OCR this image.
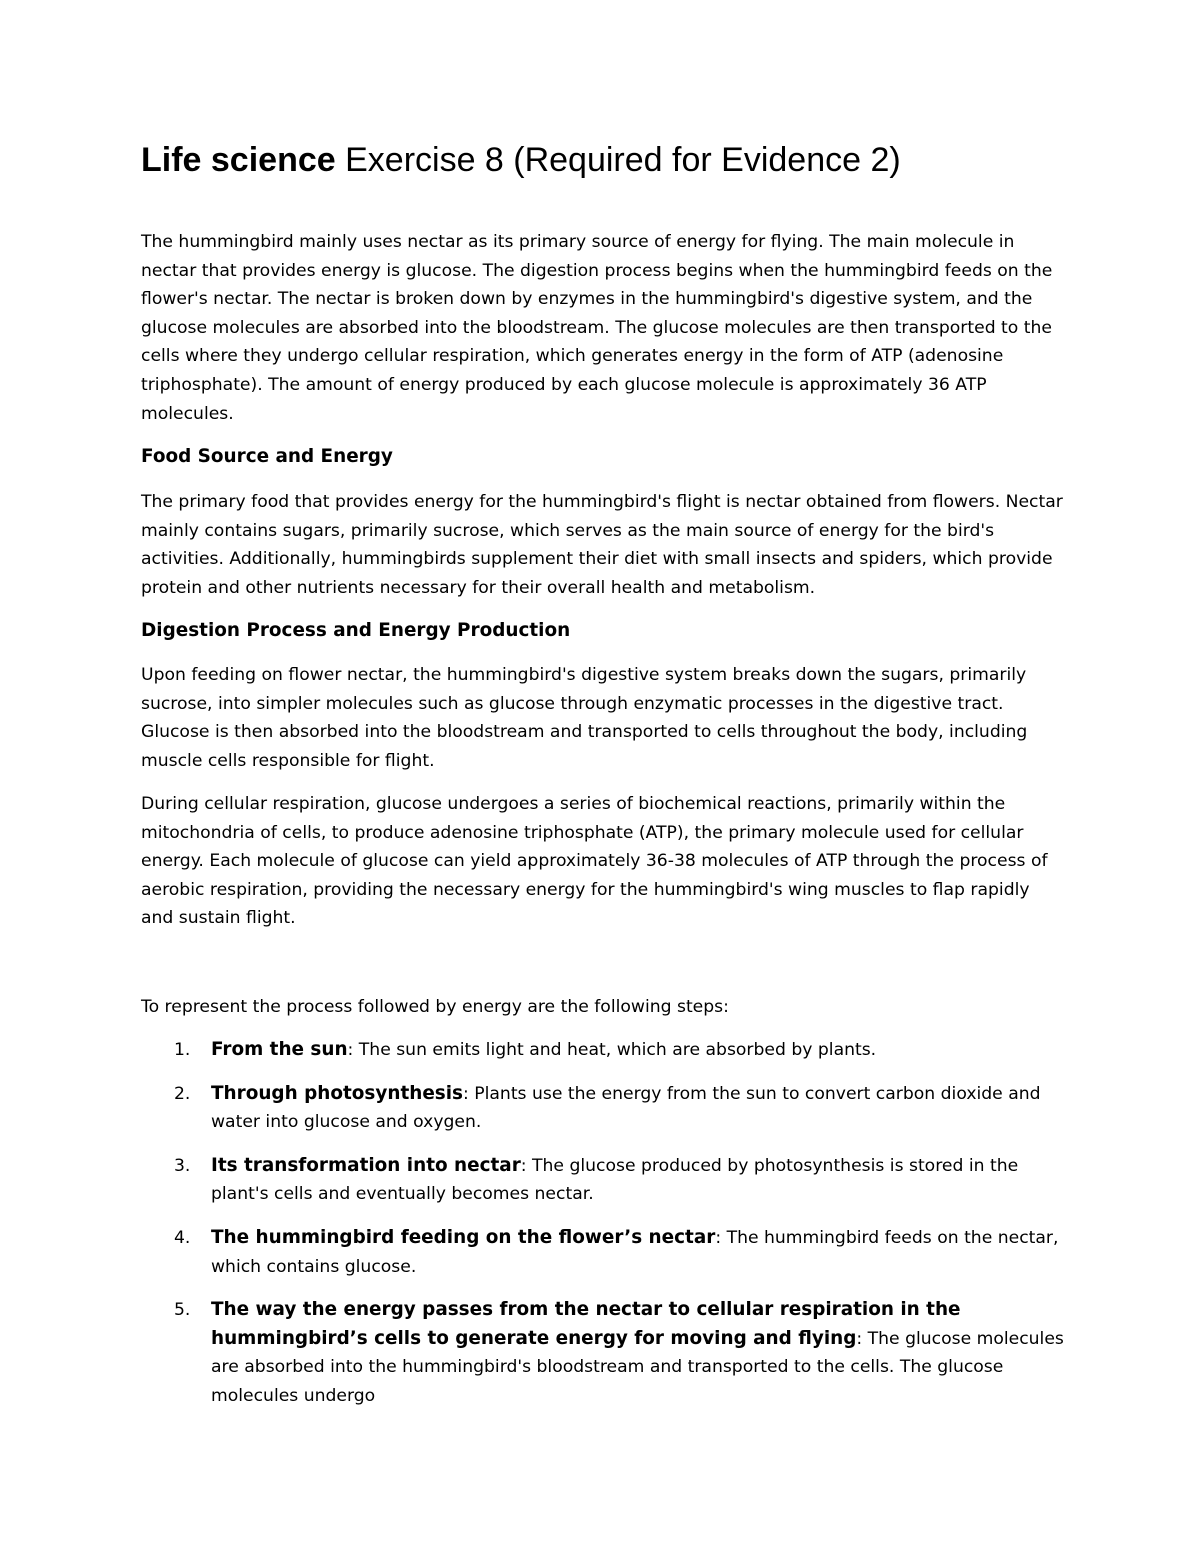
Life science Exercise 8 (Required for Evidence 2)

The hummingbird mainly uses nectar as its primary source of energy for flying. The main molecule in nectar that provides energy is glucose. The digestion process begins when the hummingbird feeds on the flower's nectar. The nectar is broken down by enzymes in the hummingbird's digestive system, and the glucose molecules are absorbed into the bloodstream. The glucose molecules are then transported to the cells where they undergo cellular respiration, which generates energy in the form of ATP (adenosine triphosphate). The amount of energy produced by each glucose molecule is approximately 36 ATP molecules.

Food Source and Energy

The primary food that provides energy for the hummingbird's flight is nectar obtained from flowers. Nectar mainly contains sugars, primarily sucrose, which serves as the main source of energy for the bird's activities. Additionally, hummingbirds supplement their diet with small insects and spiders, which provide protein and other nutrients necessary for their overall health and metabolism.

Digestion Process and Energy Production

Upon feeding on flower nectar, the hummingbird's digestive system breaks down the sugars, primarily sucrose, into simpler molecules such as glucose through enzymatic processes in the digestive tract. Glucose is then absorbed into the bloodstream and transported to cells throughout the body, including muscle cells responsible for flight.

During cellular respiration, glucose undergoes a series of biochemical reactions, primarily within the mitochondria of cells, to produce adenosine triphosphate (ATP), the primary molecule used for cellular energy. Each molecule of glucose can yield approximately 36-38 molecules of ATP through the process of aerobic respiration, providing the necessary energy for the hummingbird's wing muscles to flap rapidly and sustain flight.

To represent the process followed by energy are the following steps:

1. From the sun: The sun emits light and heat, which are absorbed by plants.
2. Through photosynthesis: Plants use the energy from the sun to convert carbon dioxide and water into glucose and oxygen.
3. Its transformation into nectar: The glucose produced by photosynthesis is stored in the plant's cells and eventually becomes nectar.
4. The hummingbird feeding on the flower’s nectar: The hummingbird feeds on the nectar, which contains glucose.
5. The way the energy passes from the nectar to cellular respiration in the hummingbird’s cells to generate energy for moving and flying: The glucose molecules are absorbed into the hummingbird's bloodstream and transported to the cells. The glucose molecules undergo
